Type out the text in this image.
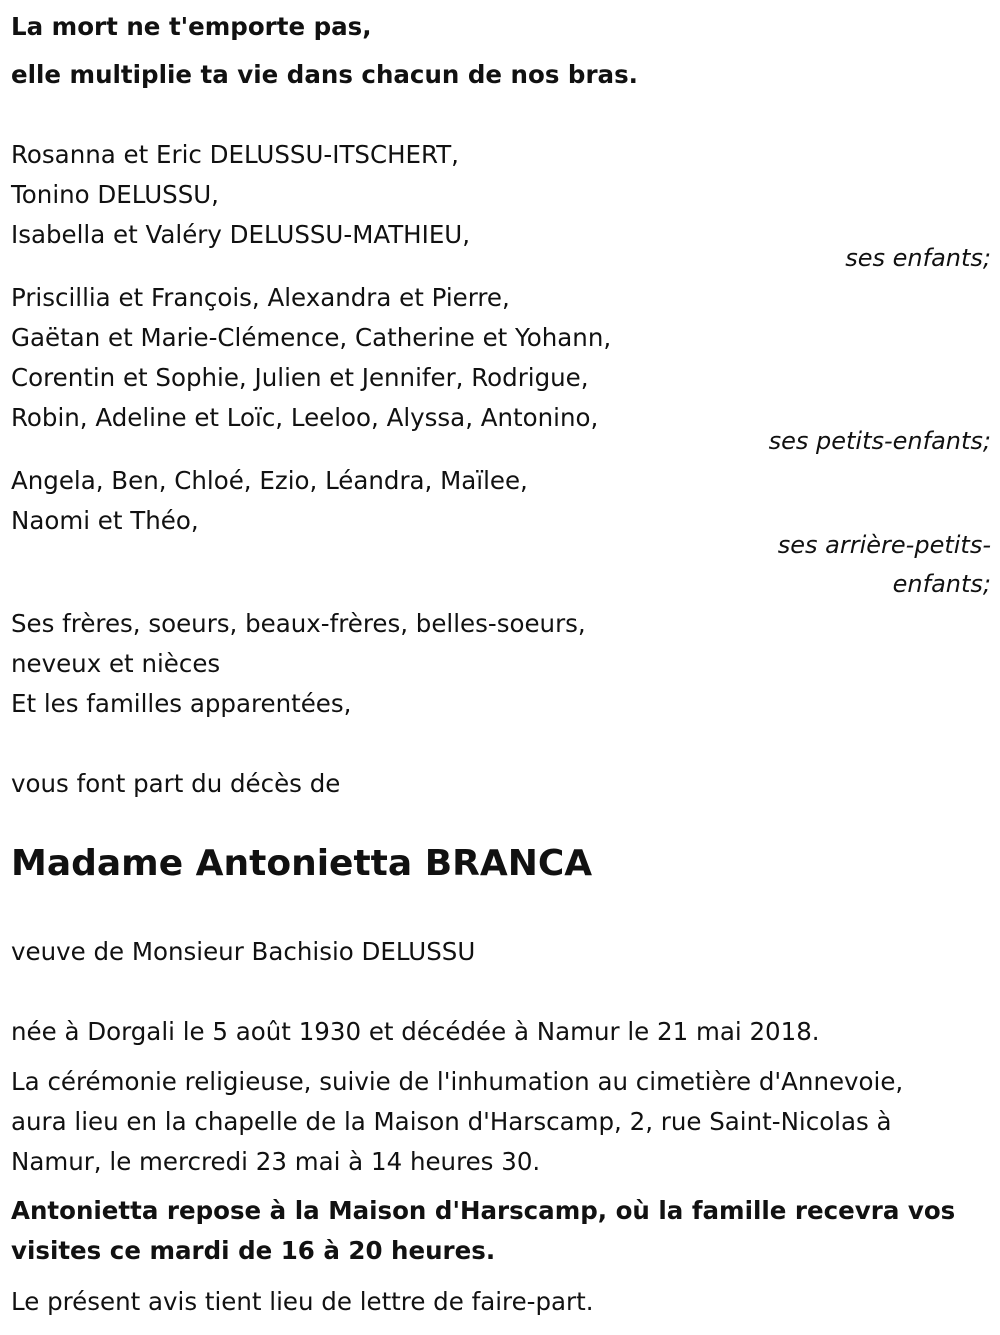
La mort ne t'emporte pas,
elle multiplie ta vie dans chacun de nos bras.
Rosanna et Eric DELUSSU-ITSCHERT,
Tonino DELUSSU,
Isabella et Valéry DELUSSU-MATHIEU,
ses enfants;
Priscillia et François, Alexandra et Pierre,
Gaëtan et Marie-Clémence, Catherine et Yohann,
Corentin et Sophie, Julien et Jennifer, Rodrigue,
Robin, Adeline et Loïc, Leeloo, Alyssa, Antonino,
ses petits-enfants;
Angela, Ben, Chloé, Ezio, Léandra, Maïlee,
Naomi et Théo,
ses arrière-petits-
enfants;
Ses frères, soeurs, beaux-frères, belles-soeurs,
neveux et nièces
Et les familles apparentées,
vous font part du décès de
Madame Antonietta BRANCA
veuve de Monsieur Bachisio DELUSSU
née à Dorgali le 5 août 1930 et décédée à Namur le 21 mai 2018.
La cérémonie religieuse, suivie de l'inhumation au cimetière d'Annevoie,
aura lieu en la chapelle de la Maison d'Harscamp, 2, rue Saint-Nicolas à
Namur, le mercredi 23 mai à 14 heures 30.
Antonietta repose à la Maison d'Harscamp, où la famille recevra vos
visites ce mardi de 16 à 20 heures.
Le présent avis tient lieu de lettre de faire-part.
